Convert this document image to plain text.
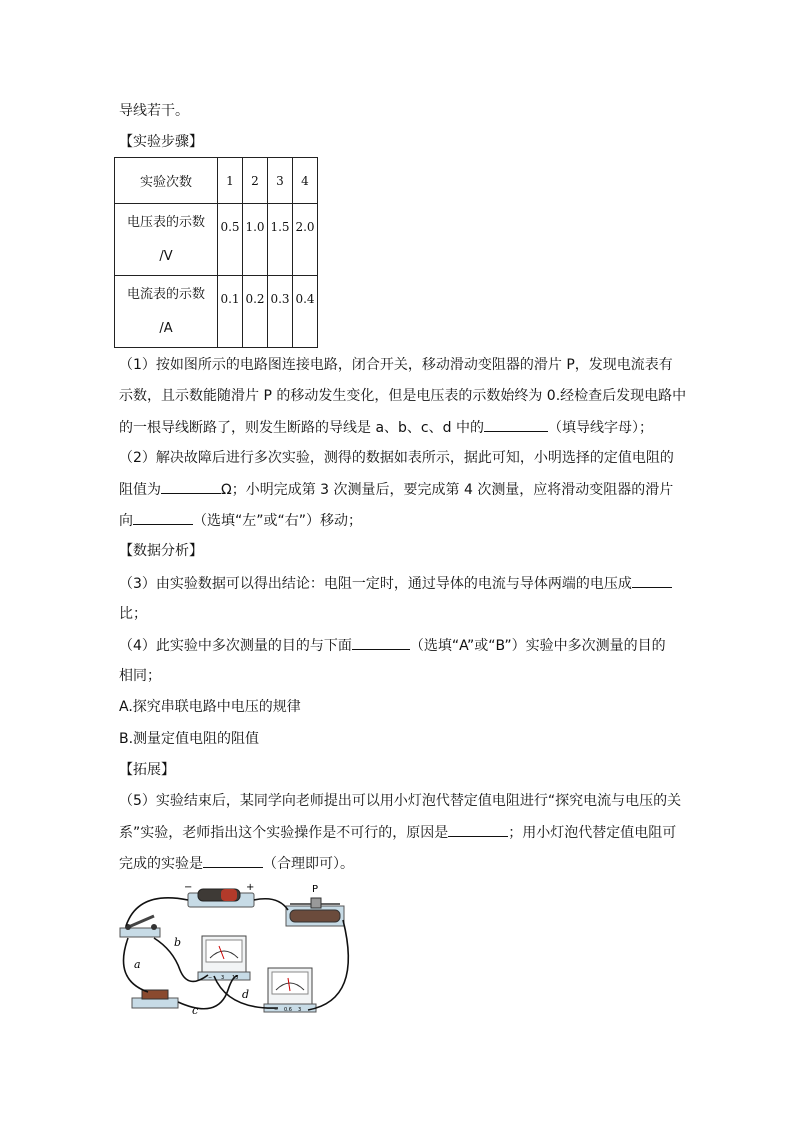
导线若干。
【实验步骤】
实验次数	1	2	3	4

电压表的示数
/V	0.5	1.0	1.5	2.0

电流表的示数
/A	0.1	0.2	0.3	0.4
（1）按如图所示的电路图连接电路，闭合开关，移动滑动变阻器的滑片 P，发现电流表有
示数，且示数能随滑片 P 的移动发生变化，但是电压表的示数始终为 0.经检查后发现电路中
的一根导线断路了，则发生断路的导线是 a、b、c、d 中的	（填导线字母）；
（2）解决故障后进行多次实验，测得的数据如表所示，据此可知，小明选择的定值电阻的
阻值为	Ω；小明完成第 3 次测量后，要完成第 4 次测量，应将滑动变阻器的滑片
向	（选填“左”或“右”）移动；
【数据分析】
（3）由实验数据可以得出结论：电阻一定时，通过导体的电流与导体两端的电压成
比；
（4）此实验中多次测量的目的与下面	（选填“A”或“B”）实验中多次测量的目的
相同；
A.探究串联电路中电压的规律
B.测量定值电阻的阻值
【拓展】
（5）实验结束后，某同学向老师提出可以用小灯泡代替定值电阻进行“探究电流与电压的关
系”实验，老师指出这个实验操作是不可行的，原因是	；用小灯泡代替定值电阻可
完成的实验是	（合理即可）。
−	+	P
− 3 15
− 0.6 3
a
b
c
d
